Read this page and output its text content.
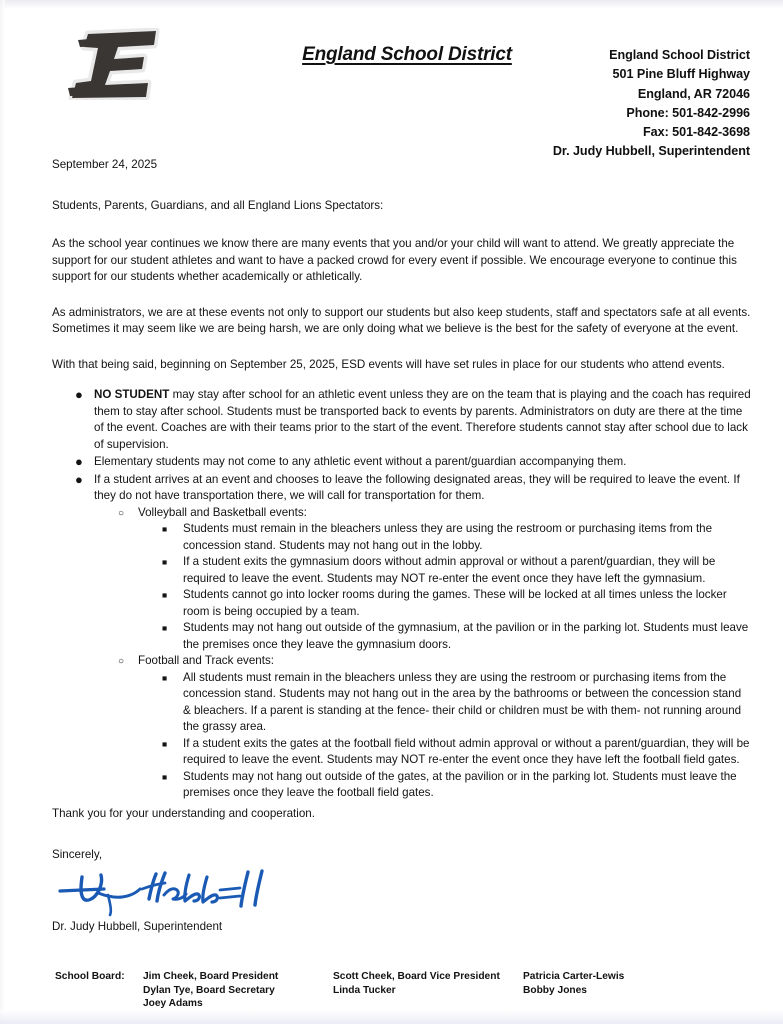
England School District	England School District
501 Pine Bluff Highway
England, AR 72046
Phone: 501-842-2996
Fax: 501-842-3698
Dr. Judy Hubbell, Superintendent

September 24, 2025

Students, Parents, Guardians, and all England Lions Spectators:

As the school year continues we know there are many events that you and/or your child will want to attend. We greatly appreciate the support for our student athletes and want to have a packed crowd for every event if possible. We encourage everyone to continue this support for our students whether academically or athletically.

As administrators, we are at these events not only to support our students but also keep students, staff and spectators safe at all events. Sometimes it may seem like we are being harsh, we are only doing what we believe is the best for the safety of everyone at the event.

With that being said, beginning on September 25, 2025, ESD events will have set rules in place for our students who attend events.

● NO STUDENT may stay after school for an athletic event unless they are on the team that is playing and the coach has required them to stay after school. Students must be transported back to events by parents. Administrators on duty are there at the time of the event. Coaches are with their teams prior to the start of the event. Therefore students cannot stay after school due to lack of supervision.
● Elementary students may not come to any athletic event without a parent/guardian accompanying them.
● If a student arrives at an event and chooses to leave the following designated areas, they will be required to leave the event. If they do not have transportation there, we will call for transportation for them.
○ Volleyball and Basketball events:
■ Students must remain in the bleachers unless they are using the restroom or purchasing items from the concession stand. Students may not hang out in the lobby.
■ If a student exits the gymnasium doors without admin approval or without a parent/guardian, they will be required to leave the event. Students may NOT re-enter the event once they have left the gymnasium.
■ Students cannot go into locker rooms during the games. These will be locked at all times unless the locker room is being occupied by a team.
■ Students may not hang out outside of the gymnasium, at the pavilion or in the parking lot. Students must leave the premises once they leave the gymnasium doors.
○ Football and Track events:
■ All students must remain in the bleachers unless they are using the restroom or purchasing items from the concession stand. Students may not hang out in the area by the bathrooms or between the concession stand & bleachers. If a parent is standing at the fence- their child or children must be with them- not running around the grassy area.
■ If a student exits the gates at the football field without admin approval or without a parent/guardian, they will be required to leave the event. Students may NOT re-enter the event once they have left the football field gates.
■ Students may not hang out outside of the gates, at the pavilion or in the parking lot. Students must leave the premises once they leave the football field gates.

Thank you for your understanding and cooperation.

Sincerely,

Dr. Judy Hubbell, Superintendent

School Board:	Jim Cheek, Board President
Dylan Tye, Board Secretary
Joey Adams
Scott Cheek, Board Vice President
Linda Tucker
Patricia Carter-Lewis
Bobby Jones
